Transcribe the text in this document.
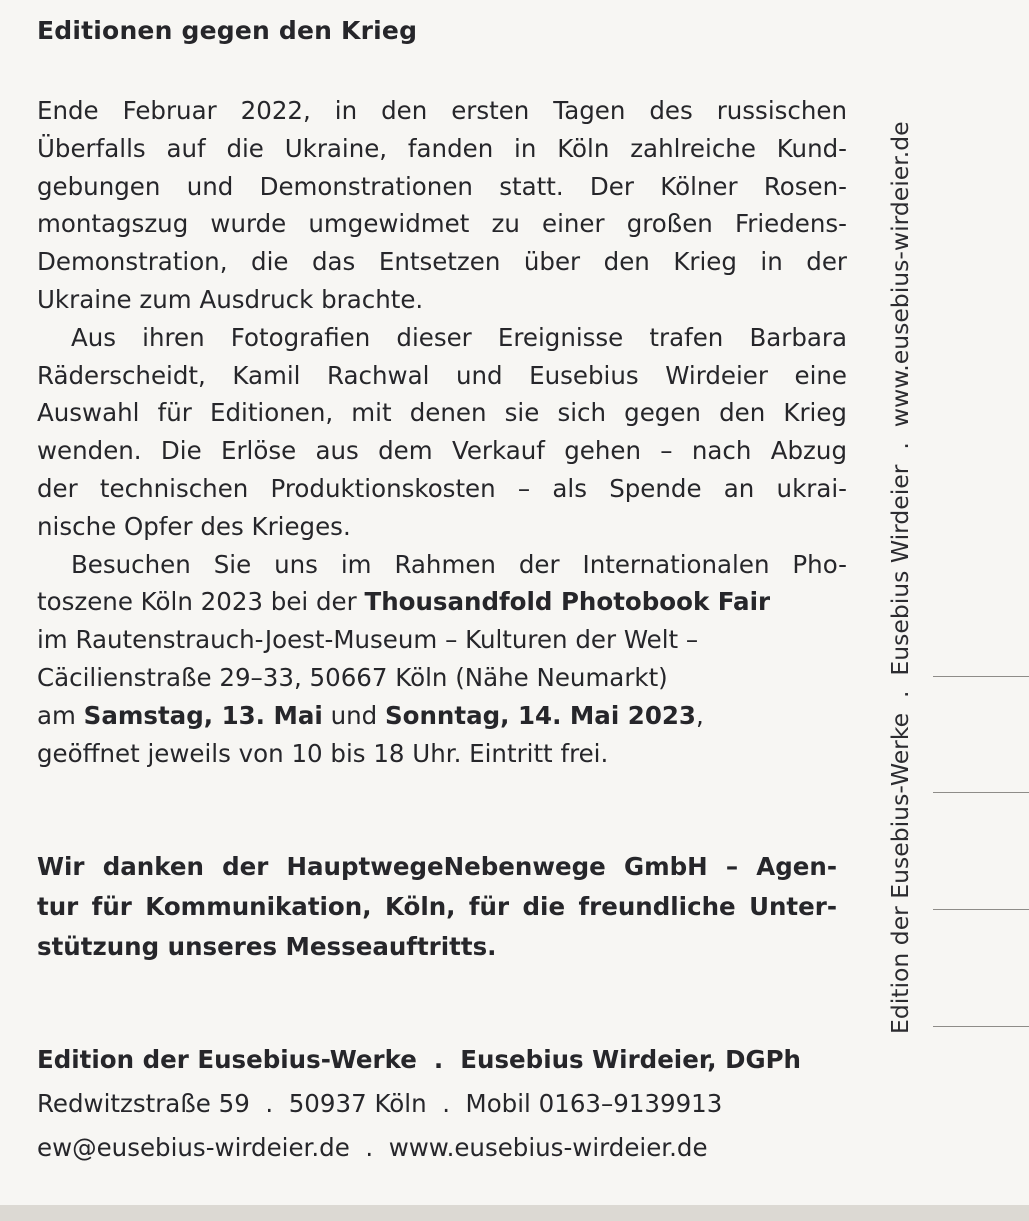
Editionen gegen den Krieg
Ende Februar 2022, in den ersten Tagen des russischen
Überfalls auf die Ukraine, fanden in Köln zahlreiche Kund-
gebungen und Demonstrationen statt. Der Kölner Rosen-
montagszug wurde umgewidmet zu einer großen Friedens-
Demonstration, die das Entsetzen über den Krieg in der
Ukraine zum Ausdruck brachte.
Aus ihren Fotografien dieser Ereignisse trafen Barbara
Räderscheidt, Kamil Rachwal und Eusebius Wirdeier eine
Auswahl für Editionen, mit denen sie sich gegen den Krieg
wenden. Die Erlöse aus dem Verkauf gehen – nach Abzug
der technischen Produktionskosten – als Spende an ukrai-
nische Opfer des Krieges.
Besuchen Sie uns im Rahmen der Internationalen Pho-
toszene Köln 2023 bei der Thousandfold Photobook Fair
im Rautenstrauch-Joest-Museum – Kulturen der Welt –
Cäcilienstraße 29–33, 50667 Köln (Nähe Neumarkt)
am Samstag, 13. Mai und Sonntag, 14. Mai 2023,
geöffnet jeweils von 10 bis 18 Uhr. Eintritt frei.
Wir danken der HauptwegeNebenwege GmbH – Agen-
tur für Kommunikation, Köln, für die freundliche Unter-
stützung unseres Messeauftritts.
Edition der Eusebius-Werke  .  Eusebius Wirdeier, DGPh
Redwitzstraße 59  .  50937 Köln  .  Mobil 0163–9139913
ew@eusebius-wirdeier.de  .  www.eusebius-wirdeier.de
Edition der Eusebius-Werke  .  Eusebius Wirdeier  .  www.eusebius-wirdeier.de
